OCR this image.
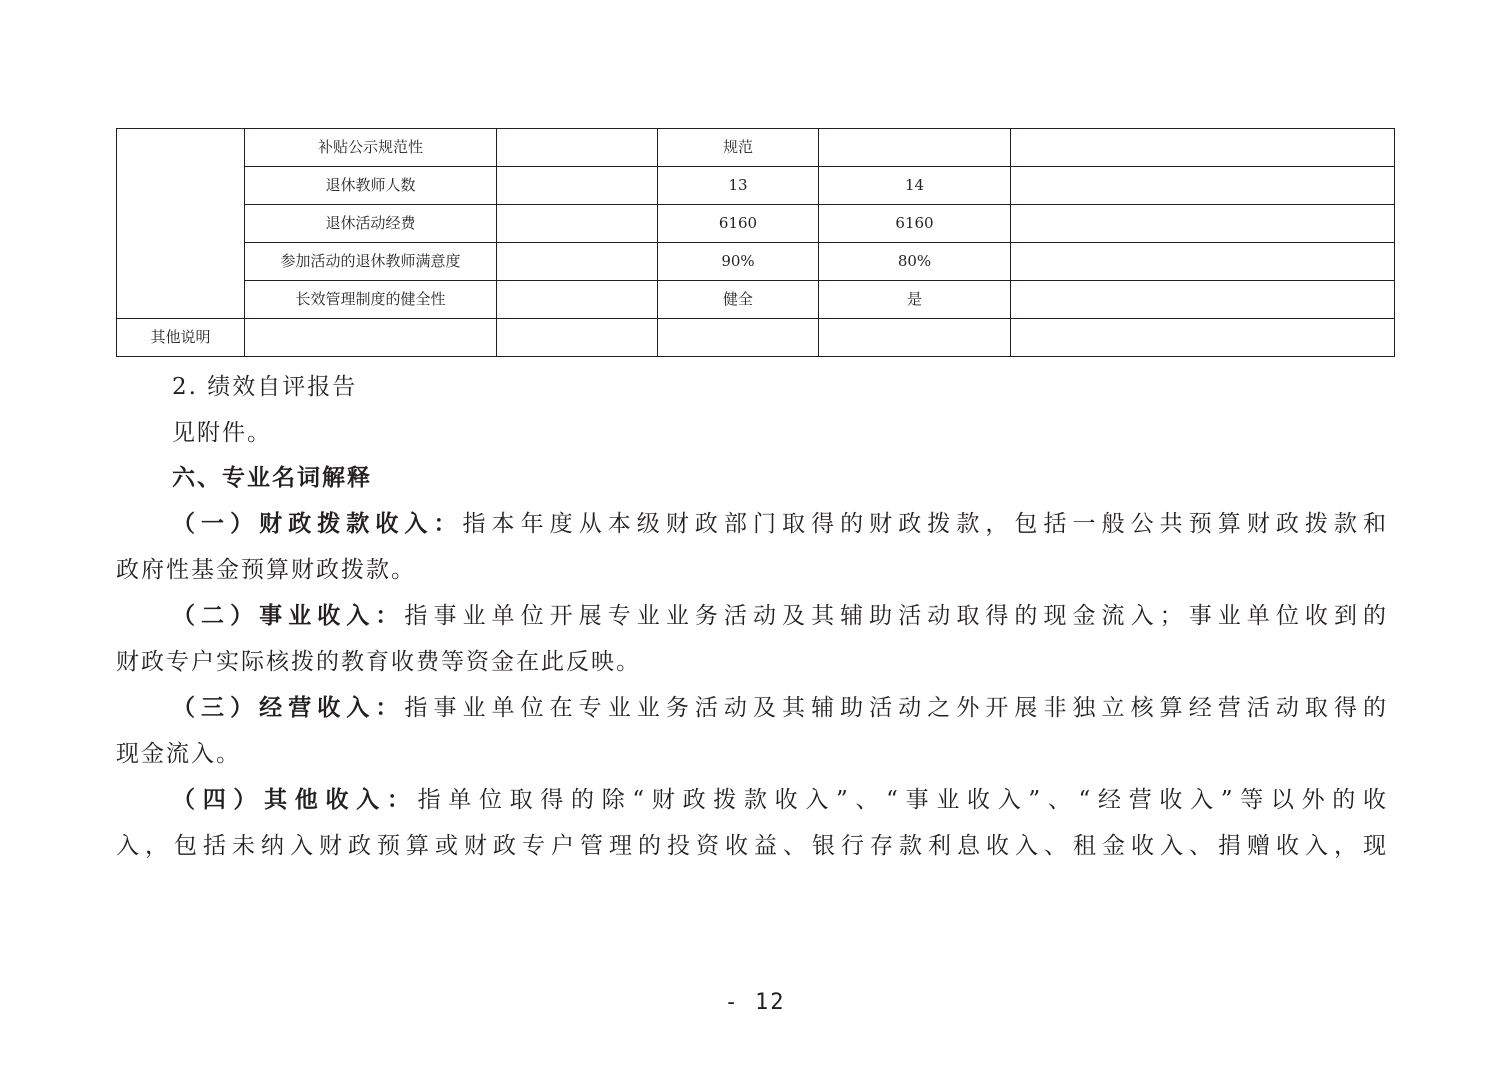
	补贴公示规范性		规范		
	退休教师人数		13	14	
	退休活动经费		6160	6160	
	参加活动的退休教师满意度		90%	80%	
	长效管理制度的健全性		健全	是	
其他说明					

2. 绩效自评报告

见附件。

六、专业名词解释

（一）财政拨款收入：指本年度从本级财政部门取得的财政拨款，包括一般公共预算财政拨款和

政府性基金预算财政拨款。

（二）事业收入：指事业单位开展专业业务活动及其辅助活动取得的现金流入；事业单位收到的

财政专户实际核拨的教育收费等资金在此反映。

（三）经营收入：指事业单位在专业业务活动及其辅助活动之外开展非独立核算经营活动取得的

现金流入。

（四）其他收入：指单位取得的除“财政拨款收入”、“事业收入”、“经营收入”等以外的收

入，包括未纳入财政预算或财政专户管理的投资收益、银行存款利息收入、租金收入、捐赠收入，现

- 12
